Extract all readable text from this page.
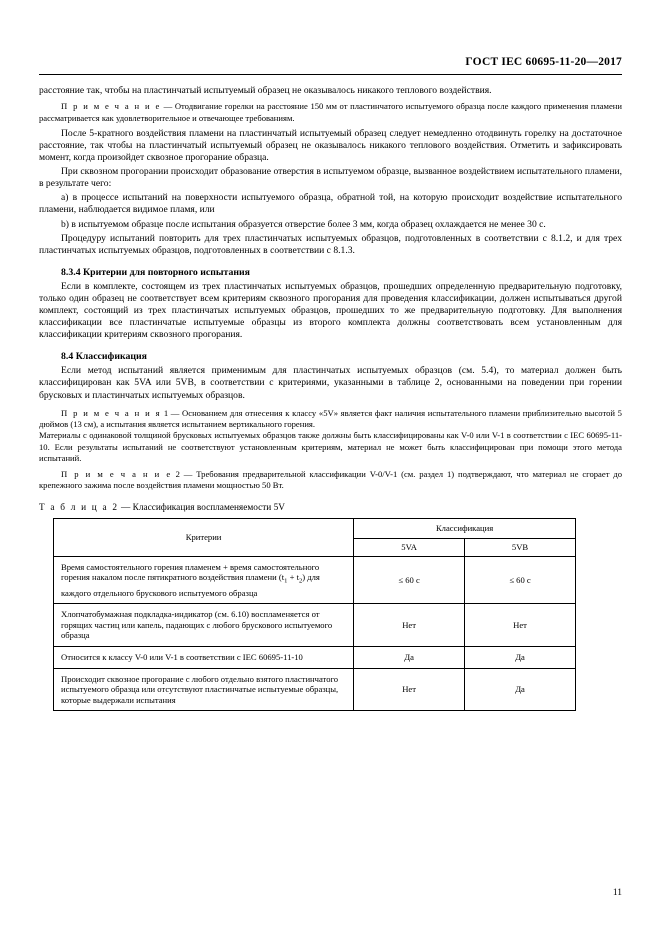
ГОСТ IEC 60695-11-20—2017

расстояние так, чтобы на пластинчатый испытуемый образец не оказывалось никакого теплового воздействия.

П р и м е ч а н и е — Отодвигание горелки на расстояние 150 мм от пластинчатого испытуемого образца после каждого применения пламени рассматривается как удовлетворительное и отвечающее требованиям.

После 5-кратного воздействия пламени на пластинчатый испытуемый образец следует немедленно отодвинуть горелку на достаточное расстояние, так чтобы на пластинчатый испытуемый образец не оказывалось никакого теплового воздействия. Отметить и зафиксировать момент, когда произойдет сквозное прогорание образца.

При сквозном прогорании происходит образование отверстия в испытуемом образце, вызванное воздействием испытательного пламени, в результате чего:

a) в процессе испытаний на поверхности испытуемого образца, обратной той, на которую происходит воздействие испытательного пламени, наблюдается видимое пламя, или

b) в испытуемом образце после испытания образуется отверстие более 3 мм, когда образец охлаждается не менее 30 с.

Процедуру испытаний повторить для трех пластинчатых испытуемых образцов, подготовленных в соответствии с 8.1.2, и для трех пластинчатых испытуемых образцов, подготовленных в соответствии с 8.1.3.

8.3.4 Критерии для повторного испытания

Если в комплекте, состоящем из трех пластинчатых испытуемых образцов, прошедших определенную предварительную подготовку, только один образец не соответствует всем критериям сквозного прогорания для проведения классификации, должен испытываться другой комплект, состоящий из трех пластинчатых испытуемых образцов, прошедших то же предварительную подготовку. Для выполнения классификации все пластинчатые испытуемые образцы из второго комплекта должны соответствовать всем установленным для классификации критериям сквозного прогорания.

8.4 Классификация

Если метод испытаний является применимым для пластинчатых испытуемых образцов (см. 5.4), то материал должен быть классифицирован как 5VA или 5VB, в соответствии с критериями, указанными в таблице 2, основанными на поведении при горении брусковых и пластинчатых испытуемых образцов.

П р и м е ч а н и я 1 — Основанием для отнесения к классу «5V» является факт наличия испытательного пламени приблизительно высотой 5 дюймов (13 см), а испытания является испытанием вертикального горения.

Материалы с одинаковой толщиной брусковых испытуемых образцов также должны быть классифицированы как V-0 или V-1 в соответствии с IEC 60695-11-10. Если результаты испытаний не соответствуют установленным критериям, материал не может быть классифицирован при помощи этого метода испытаний.

П р и м е ч а н и е 2 — Требования предварительной классификации V-0/V-1 (см. раздел 1) подтверждают, что материал не сгорает до крепежного зажима после воздействия пламени мощностью 50 Вт.

Т а б л и ц а 2 — Классификация воспламеняемости 5V
Критерии	Классификация	
	5VA	5VB
Время самостоятельного горения пламенем + время самостоятельного горения накалом после пятикратного воздействия пламени $(t_1 + t_2)$ для каждого отдельного брускового испытуемого образца	≤ 60 с	≤ 60 с
Хлопчатобумажная подкладка-индикатор (см. 6.10) воспламеняется от горящих частиц или капель, падающих с любого брускового испытуемого образца	Нет	Нет
Относится к классу V-0 или V-1 в соответствии с IEC 60695-11-10	Да	Да
Происходит сквозное прогорание с любого отдельно взятого пластинчатого испытуемого образца или отсутствуют пластинчатые испытуемые образцы, которые выдержали испытания	Нет	Да
11
